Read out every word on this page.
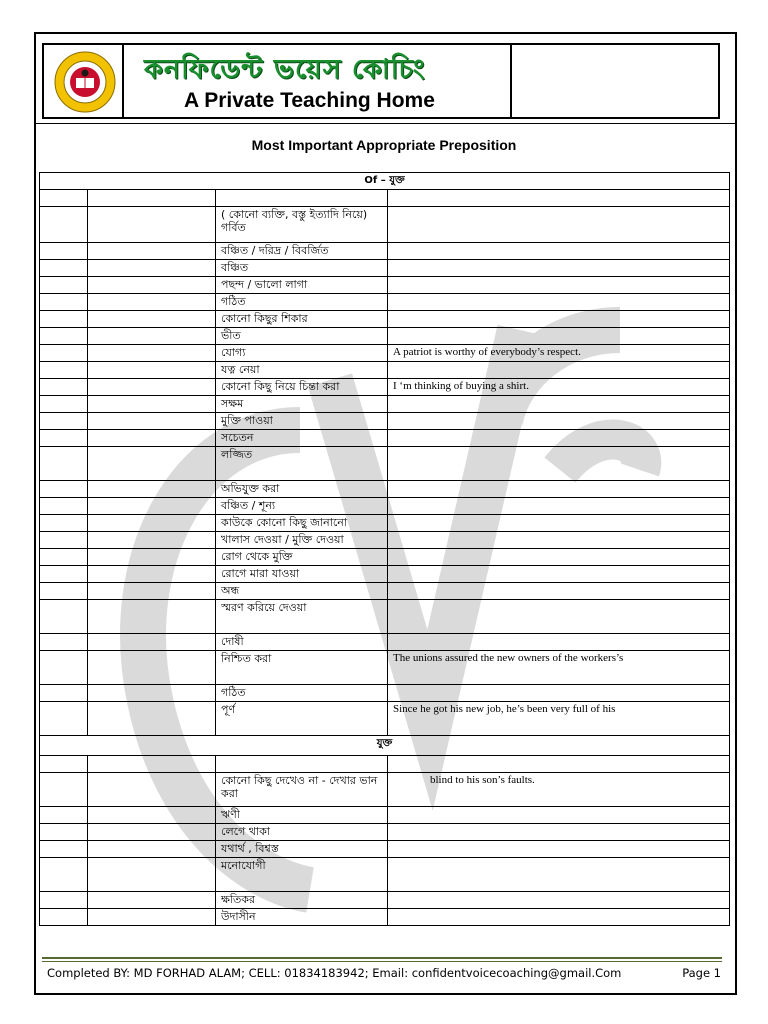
কনফিডেন্ট ভয়েস কোচিং
A Private Teaching Home
Most Important Appropriate Preposition
Of – যুক্ত			

		( কোনো ব্যক্তি, বস্তু ইত্যাদি নিয়ে) গর্বিত	
		বঞ্চিত / দরিদ্র / বিবর্জিত	
		বঞ্চিত	
		পছন্দ / ভালো লাগা	
		গঠিত	
		কোনো কিছুর শিকার	
		ভীত	
		যোগ্য	A patriot is worthy of everybody’s respect.
		যত্ন নেয়া	
		কোনো কিছু নিয়ে চিন্তা করা	I ‘m thinking of buying a shirt.
		সক্ষম	
		মুক্তি পাওয়া	
		সচেতন	
		লজ্জিত	
		অভিযুক্ত করা	
		বঞ্চিত / শূন্য	
		কাউকে কোনো কিছু জানানো	
		খালাস দেওয়া / মুক্তি দেওয়া	
		রোগ থেকে মুক্তি	
		রোগে মারা যাওয়া	
		অন্ধ	
		স্মরণ করিয়ে দেওয়া	
		দোষী	
		নিশ্চিত করা	The unions assured the new owners of the workers’s
		গঠিত	
		পূর্ণ	Since he got his new job, he’s been very full of his
যুক্ত			

		কোনো কিছু দেখেও না - দেখার ভান করা	blind to his son’s faults.
		ঋণী	
		লেগে থাকা	
		যথার্থ , বিশ্বস্ত	
		মনোযোগী	
		ক্ষতিকর	
		উদাসীন	
Completed BY: MD FORHAD ALAM; CELL: 01834183942; Email: confidentvoicecoaching@gmail.Com	Page 1
